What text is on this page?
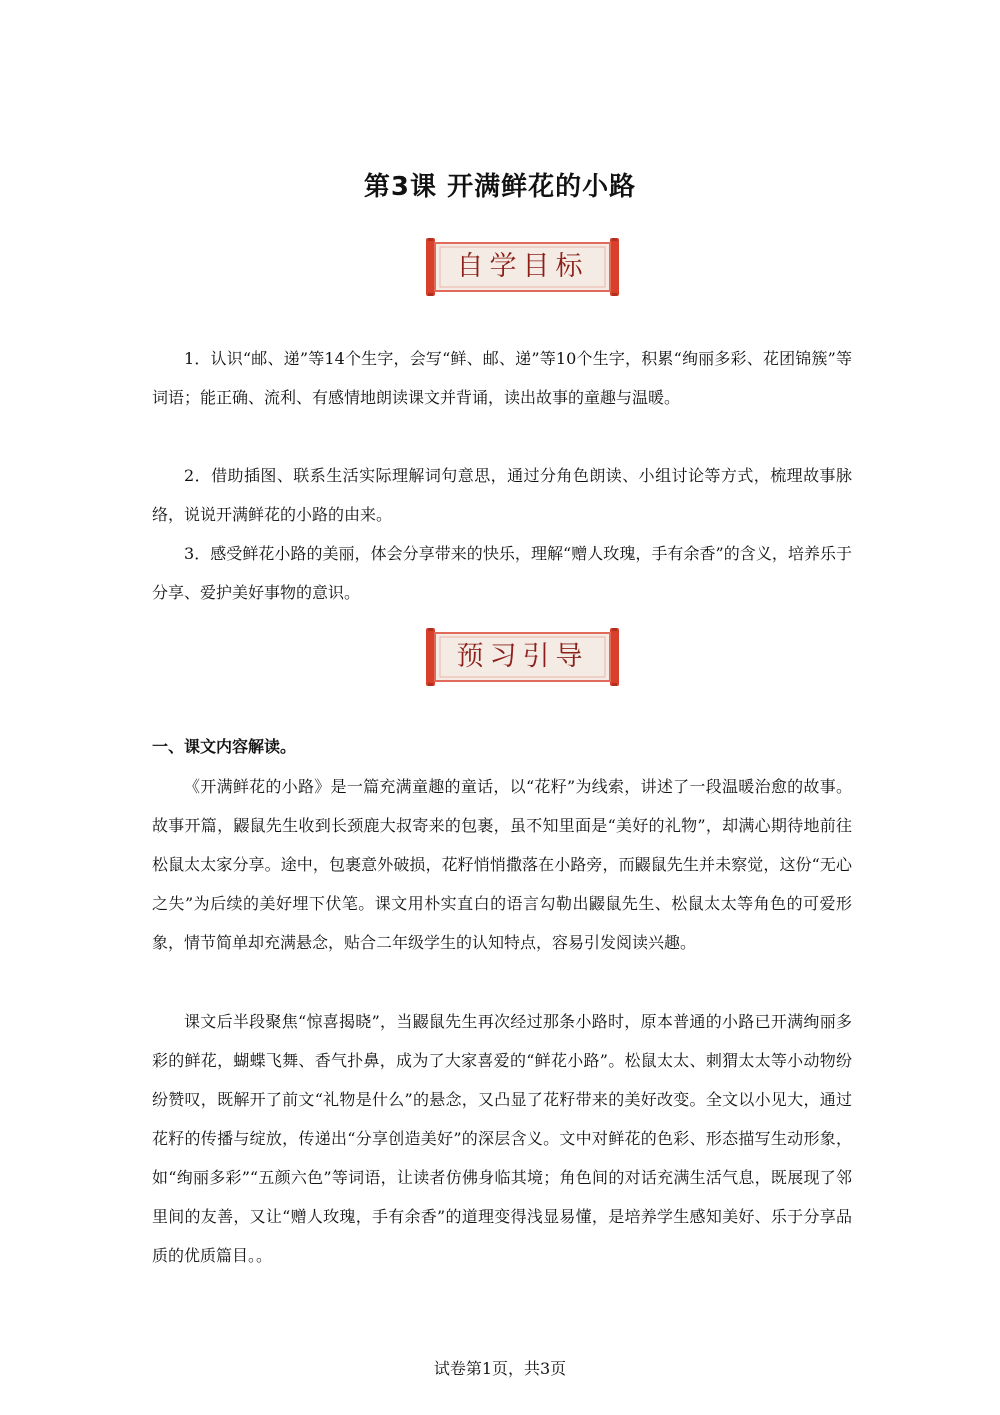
第3课 开满鲜花的小路
自学目标

1．认识“邮、递”等14个生字，会写“鲜、邮、递”等10个生字，积累“绚丽多彩、花团锦簇”等词语；能正确、流利、有感情地朗读课文并背诵，读出故事的童趣与温暖。

2．借助插图、联系生活实际理解词句意思，通过分角色朗读、小组讨论等方式，梳理故事脉络，说说开满鲜花的小路的由来。

3．感受鲜花小路的美丽，体会分享带来的快乐，理解“赠人玫瑰，手有余香”的含义，培养乐于分享、爱护美好事物的意识。

预习引导
一、课文内容解读。

《开满鲜花的小路》是一篇充满童趣的童话，以“花籽”为线索，讲述了一段温暖治愈的故事。故事开篇，鼹鼠先生收到长颈鹿大叔寄来的包裹，虽不知里面是“美好的礼物”，却满心期待地前往松鼠太太家分享。途中，包裹意外破损，花籽悄悄撒落在小路旁，而鼹鼠先生并未察觉，这份“无心之失”为后续的美好埋下伏笔。课文用朴实直白的语言勾勒出鼹鼠先生、松鼠太太等角色的可爱形象，情节简单却充满悬念，贴合二年级学生的认知特点，容易引发阅读兴趣。

课文后半段聚焦“惊喜揭晓”，当鼹鼠先生再次经过那条小路时，原本普通的小路已开满绚丽多彩的鲜花，蝴蝶飞舞、香气扑鼻，成为了大家喜爱的“鲜花小路”。松鼠太太、刺猬太太等小动物纷纷赞叹，既解开了前文“礼物是什么”的悬念，又凸显了花籽带来的美好改变。全文以小见大，通过花籽的传播与绽放，传递出“分享创造美好”的深层含义。文中对鲜花的色彩、形态描写生动形象，如“绚丽多彩”“五颜六色”等词语，让读者仿佛身临其境；角色间的对话充满生活气息，既展现了邻里间的友善，又让“赠人玫瑰，手有余香”的道理变得浅显易懂，是培养学生感知美好、乐于分享品质的优质篇目。。

试卷第1页，共3页
